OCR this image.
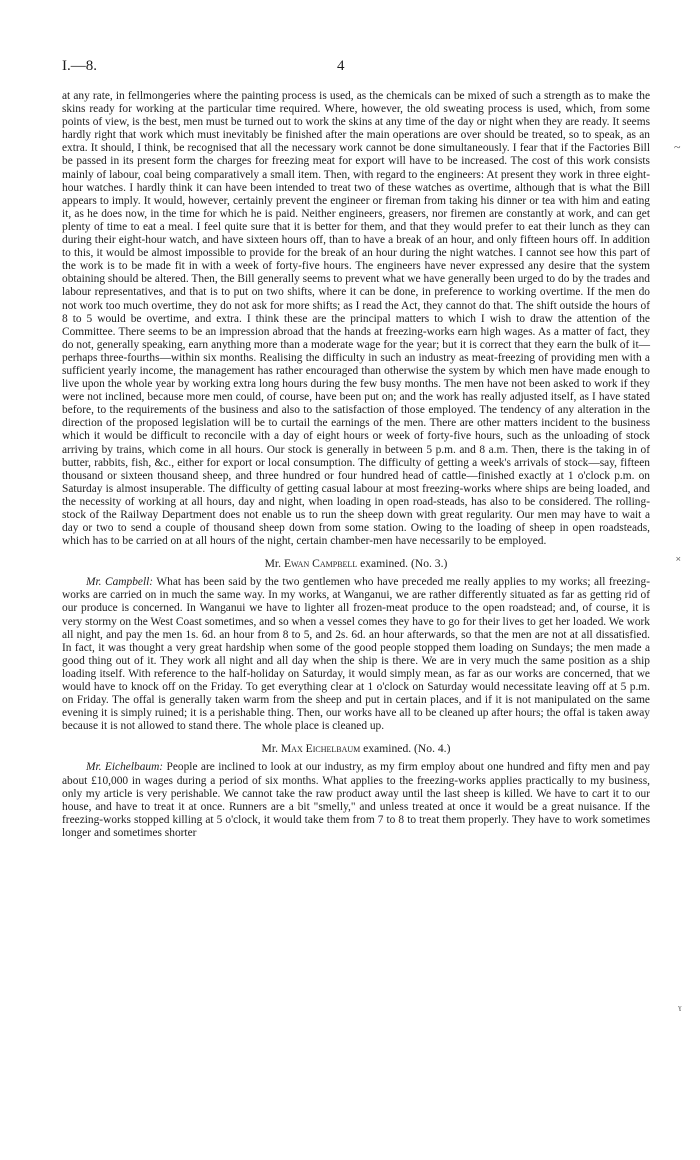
I.—8.	4
~
˟
ˠ

at any rate, in fellmongeries where the painting process is used, as the chemicals can be mixed of such a strength as to make the skins ready for working at the particular time required. Where, however, the old sweating process is used, which, from some points of view, is the best, men must be turned out to work the skins at any time of the day or night when they are ready. It seems hardly right that work which must inevitably be finished after the main operations are over should be treated, so to speak, as an extra. It should, I think, be recognised that all the necessary work cannot be done simultaneously. I fear that if the Factories Bill be passed in its present form the charges for freezing meat for export will have to be increased. The cost of this work consists mainly of labour, coal being comparatively a small item. Then, with regard to the engineers: At present they work in three eight-hour watches. I hardly think it can have been intended to treat two of these watches as overtime, although that is what the Bill appears to imply. It would, however, certainly prevent the engineer or fireman from taking his dinner or tea with him and eating it, as he does now, in the time for which he is paid. Neither engineers, greasers, nor firemen are constantly at work, and can get plenty of time to eat a meal. I feel quite sure that it is better for them, and that they would prefer to eat their lunch as they can during their eight-hour watch, and have sixteen hours off, than to have a break of an hour, and only fifteen hours off. In addition to this, it would be almost impossible to provide for the break of an hour during the night watches. I cannot see how this part of the work is to be made fit in with a week of forty-five hours. The engineers have never expressed any desire that the system obtaining should be altered. Then, the Bill generally seems to prevent what we have generally been urged to do by the trades and labour representatives, and that is to put on two shifts, where it can be done, in preference to working overtime. If the men do not work too much overtime, they do not ask for more shifts; as I read the Act, they cannot do that. The shift outside the hours of 8 to 5 would be overtime, and extra. I think these are the principal matters to which I wish to draw the attention of the Committee. There seems to be an impression abroad that the hands at freezing-works earn high wages. As a matter of fact, they do not, generally speaking, earn anything more than a moderate wage for the year; but it is correct that they earn the bulk of it—perhaps three-fourths—within six months. Realising the difficulty in such an industry as meat-freezing of providing men with a sufficient yearly income, the management has rather encouraged than otherwise the system by which men have made enough to live upon the whole year by working extra long hours during the few busy months. The men have not been asked to work if they were not inclined, because more men could, of course, have been put on; and the work has really adjusted itself, as I have stated before, to the requirements of the business and also to the satisfaction of those employed. The tendency of any alteration in the direction of the proposed legislation will be to curtail the earnings of the men. There are other matters incident to the business which it would be difficult to reconcile with a day of eight hours or week of forty-five hours, such as the unloading of stock arriving by trains, which come in all hours. Our stock is generally in between 5 p.m. and 8 a.m. Then, there is the taking in of butter, rabbits, fish, &c., either for export or local consumption. The difficulty of getting a week's arrivals of stock—say, fifteen thousand or sixteen thousand sheep, and three hundred or four hundred head of cattle—finished exactly at 1 o'clock p.m. on Saturday is almost insuperable. The difficulty of getting casual labour at most freezing-works where ships are being loaded, and the necessity of working at all hours, day and night, when loading in open road-steads, has also to be considered. The rolling-stock of the Railway Department does not enable us to run the sheep down with great regularity. Our men may have to wait a day or two to send a couple of thousand sheep down from some station. Owing to the loading of sheep in open roadsteads, which has to be carried on at all hours of the night, certain chamber-men have necessarily to be employed.

Mr. Ewan Campbell examined. (No. 3.)

Mr. Campbell: What has been said by the two gentlemen who have preceded me really applies to my works; all freezing-works are carried on in much the same way. In my works, at Wanganui, we are rather differently situated as far as getting rid of our produce is concerned. In Wanganui we have to lighter all frozen-meat produce to the open roadstead; and, of course, it is very stormy on the West Coast sometimes, and so when a vessel comes they have to go for their lives to get her loaded. We work all night, and pay the men 1s. 6d. an hour from 8 to 5, and 2s. 6d. an hour afterwards, so that the men are not at all dissatisfied. In fact, it was thought a very great hardship when some of the good people stopped them loading on Sundays; the men made a good thing out of it. They work all night and all day when the ship is there. We are in very much the same position as a ship loading itself. With reference to the half-holiday on Saturday, it would simply mean, as far as our works are concerned, that we would have to knock off on the Friday. To get everything clear at 1 o'clock on Saturday would necessitate leaving off at 5 p.m. on Friday. The offal is generally taken warm from the sheep and put in certain places, and if it is not manipulated on the same evening it is simply ruined; it is a perishable thing. Then, our works have all to be cleaned up after hours; the offal is taken away because it is not allowed to stand there. The whole place is cleaned up.

Mr. Max Eichelbaum examined. (No. 4.)

Mr. Eichelbaum: People are inclined to look at our industry, as my firm employ about one hundred and fifty men and pay about £10,000 in wages during a period of six months. What applies to the freezing-works applies practically to my business, only my article is very perishable. We cannot take the raw product away until the last sheep is killed. We have to cart it to our house, and have to treat it at once. Runners are a bit "smelly," and unless treated at once it would be a great nuisance. If the freezing-works stopped killing at 5 o'clock, it would take them from 7 to 8 to treat them properly. They have to work sometimes longer and sometimes shorter
